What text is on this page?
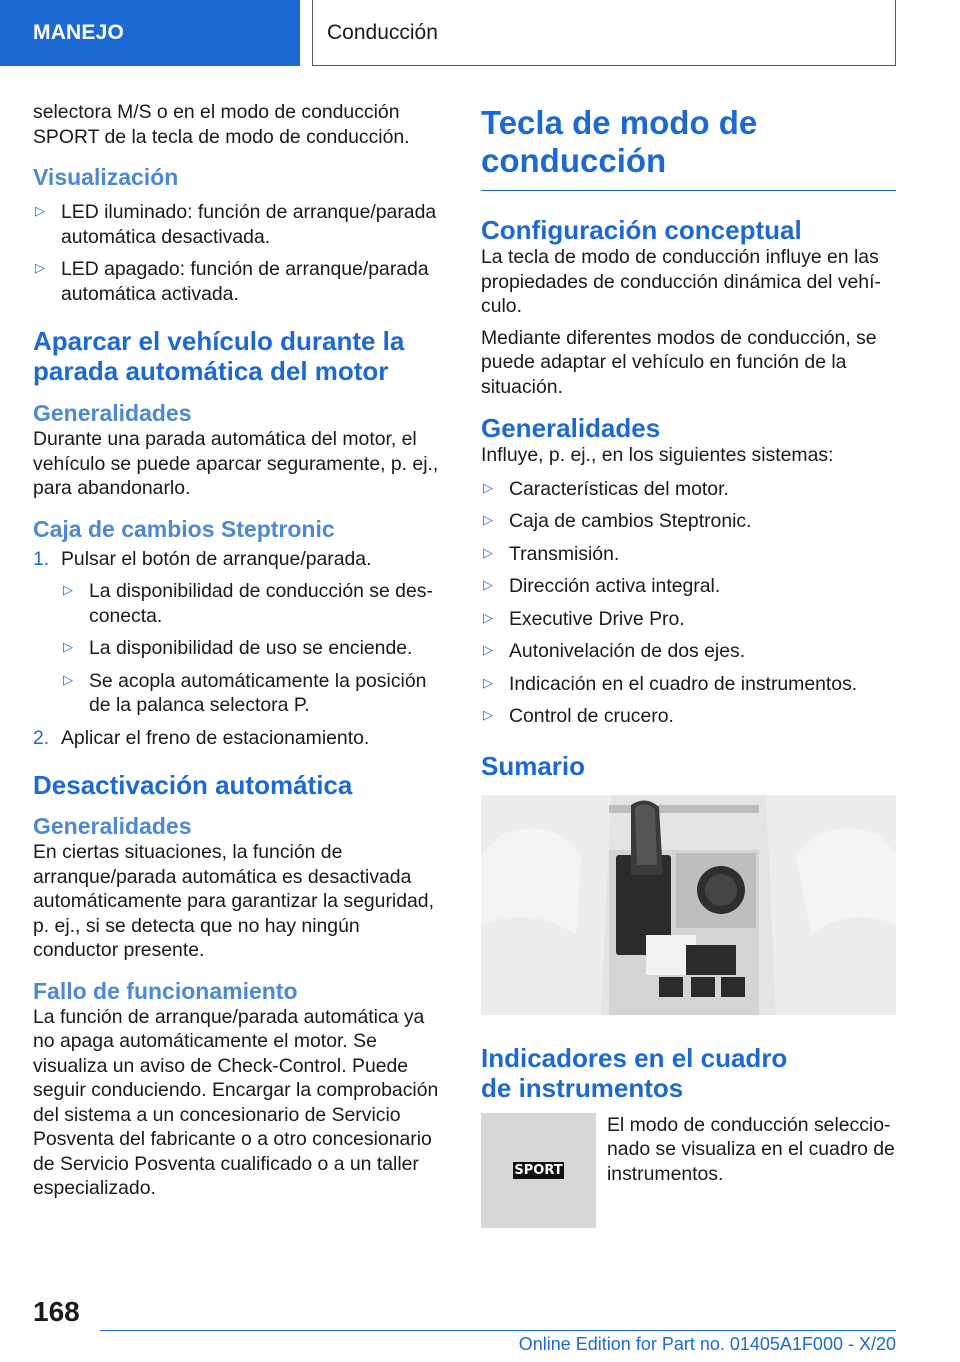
MANEJO	Conducción

selectora M/S o en el modo de conducción SPORT de la tecla de modo de conducción.

Visualización
▷ LED iluminado: función de arranque/parada automática desactivada.
▷ LED apagado: función de arranque/parada automática activada.
Aparcar el vehículo durante la parada automática del motor
Generalidades

Durante una parada automática del motor, el vehículo se puede aparcar seguramente, p. ej., para abandonarlo.

Caja de cambios Steptronic
1. Pulsar el botón de arranque/parada.
▷ La disponibilidad de conducción se desconecta.
▷ La disponibilidad de uso se enciende.
▷ Se acopla automáticamente la posición de la palanca selectora P.
2. Aplicar el freno de estacionamiento.
Desactivación automática
Generalidades

En ciertas situaciones, la función de arranque/parada automática es desactivada automáticamente para garantizar la seguridad, p. ej., si se detecta que no hay ningún conductor presente.

Fallo de funcionamiento

La función de arranque/parada automática ya no apaga automáticamente el motor. Se visualiza un aviso de Check-Control. Puede seguir conduciendo. Encargar la comprobación del sistema a un concesionario de Servicio Posventa del fabricante o a otro concesionario de Servicio Posventa cualificado o a un taller especializado.

Tecla de modo de conducción
Configuración conceptual

La tecla de modo de conducción influye en las propiedades de conducción dinámica del vehículo.

Mediante diferentes modos de conducción, se puede adaptar el vehículo en función de la situación.

Generalidades

Influye, p. ej., en los siguientes sistemas:

▷ Características del motor.
▷ Caja de cambios Steptronic.
▷ Transmisión.
▷ Dirección activa integral.
▷ Executive Drive Pro.
▷ Autonivelación de dos ejes.
▷ Indicación en el cuadro de instrumentos.
▷ Control de crucero.
Sumario
Indicadores en el cuadro
de instrumentos
SPORT

El modo de conducción seleccionado se visualiza en el cuadro de instrumentos.

168
Online Edition for Part no. 01405A1F000 - X/20
